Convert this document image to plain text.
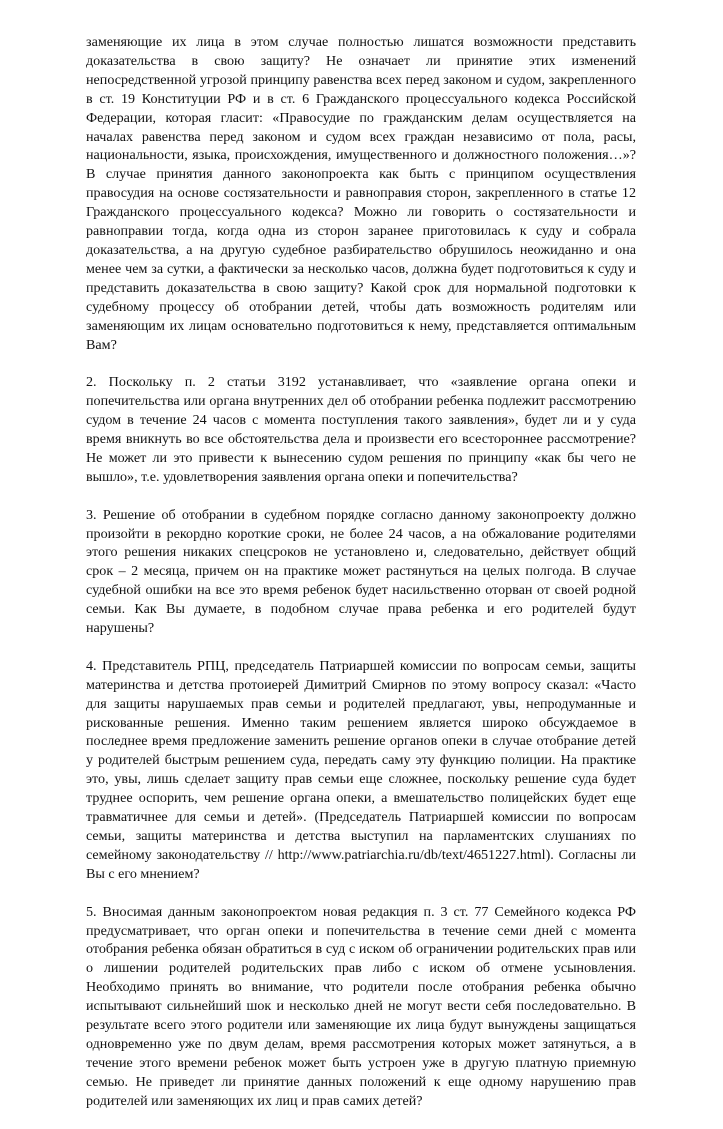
заменяющие их лица в этом случае полностью лишатся возможности представить доказательства в свою защиту? Не означает ли принятие этих изменений непосредственной угрозой принципу равенства всех перед законом и судом, закрепленного в ст. 19 Конституции РФ и в ст. 6 Гражданского процессуального кодекса Российской Федерации, которая гласит: «Правосудие по гражданским делам осуществляется на началах равенства перед законом и судом всех граждан независимо от пола, расы, национальности, языка, происхождения, имущественного и должностного положения…»? В случае принятия данного законопроекта как быть с принципом осуществления правосудия на основе состязательности и равноправия сторон, закрепленного в статье 12 Гражданского процессуального кодекса? Можно ли говорить о состязательности и равноправии тогда, когда одна из сторон заранее приготовилась к суду и собрала доказательства, а на другую судебное разбирательство обрушилось неожиданно и она менее чем за сутки, а фактически за несколько часов, должна будет подготовиться к суду и представить доказательства в свою защиту? Какой срок для нормальной подготовки к судебному процессу об отобрании детей, чтобы дать возможность родителям или заменяющим их лицам основательно подготовиться к нему, представляется оптимальным Вам?

2. Поскольку п. 2 статьи 3192 устанавливает, что «заявление органа опеки и попечительства или органа внутренних дел об отобрании ребенка подлежит рассмотрению судом в течение 24 часов с момента поступления такого заявления», будет ли и у суда время вникнуть во все обстоятельства дела и произвести его всестороннее рассмотрение? Не может ли это привести к вынесению судом решения по принципу «как бы чего не вышло», т.е. удовлетворения заявления органа опеки и попечительства?

3. Решение об отобрании в судебном порядке согласно данному законопроекту должно произойти в рекордно короткие сроки, не более 24 часов, а на обжалование родителями этого решения никаких спецсроков не установлено и, следовательно, действует общий срок – 2 месяца, причем он на практике может растянуться на целых полгода. В случае судебной ошибки на все это время ребенок будет насильственно оторван от своей родной семьи. Как Вы думаете, в подобном случае права ребенка и его родителей будут нарушены?

4. Представитель РПЦ, председатель Патриаршей комиссии по вопросам семьи, защиты материнства и детства протоиерей Димитрий Смирнов по этому вопросу сказал: «Часто для защиты нарушаемых прав семьи и родителей предлагают, увы, непродуманные и рискованные решения. Именно таким решением является широко обсуждаемое в последнее время предложение заменить решение органов опеки в случае отобрание детей у родителей быстрым решением суда, передать саму эту функцию полиции. На практике это, увы, лишь сделает защиту прав семьи еще сложнее, поскольку решение суда будет труднее оспорить, чем решение органа опеки, а вмешательство полицейских будет еще травматичнее для семьи и детей». (Председатель Патриаршей комиссии по вопросам семьи, защиты материнства и детства выступил на парламентских слушаниях по семейному законодательству // http://www.patriarchia.ru/db/text/4651227.html). Согласны ли Вы с его мнением?

5. Вносимая данным законопроектом новая редакция п. 3 ст. 77 Семейного кодекса РФ предусматривает, что орган опеки и попечительства в течение семи дней с момента отобрания ребенка обязан обратиться в суд с иском об ограничении родительских прав или о лишении родителей родительских прав либо с иском об отмене усыновления. Необходимо принять во внимание, что родители после отобрания ребенка обычно испытывают сильнейший шок и несколько дней не могут вести себя последовательно. В результате всего этого родители или заменяющие их лица будут вынуждены защищаться одновременно уже по двум делам, время рассмотрения которых может затянуться, а в течение этого времени ребенок может быть устроен уже в другую платную приемную семью. Не приведет ли принятие данных положений к еще одному нарушению прав родителей или заменяющих их лиц и прав самих детей?
